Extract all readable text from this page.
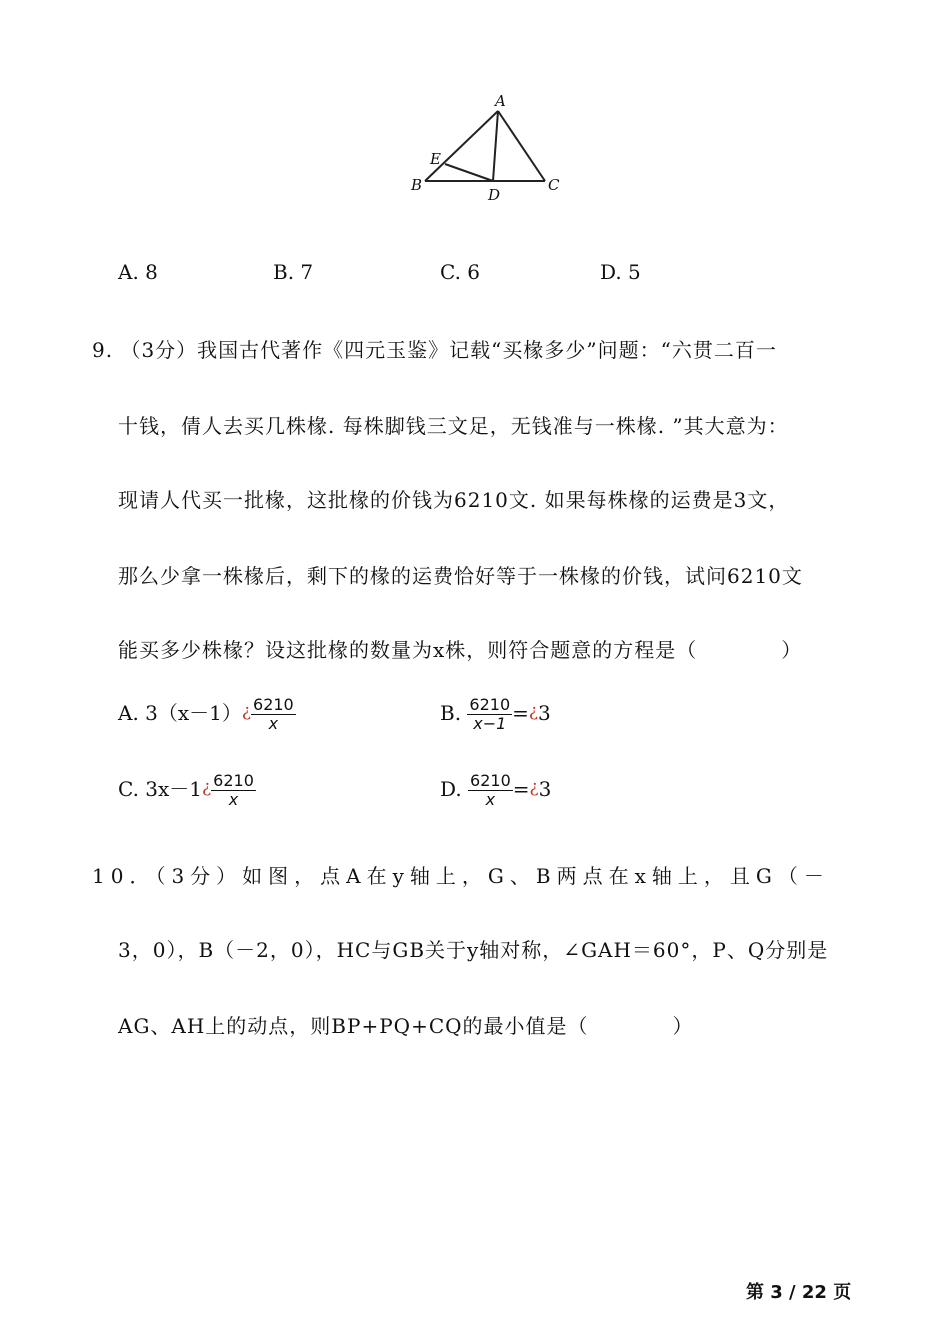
A
B	C
D
E
A. 8	B. 7	C. 6	D. 5
9. （3分）我国古代著作《四元玉鉴》记载“买椽多少”问题：“六贯二百一
十钱，倩人去买几株椽. 每株脚钱三文足，无钱准与一株椽. ”其大意为：
现请人代买一批椽，这批椽的价钱为6210文. 如果每株椽的运费是3文，
那么少拿一株椽后，剩下的椽的运费恰好等于一株椽的价钱，试问6210文
能买多少株椽？设这批椽的数量为x株，则符合题意的方程是（　　　　）
A. $3(x-1)^¿ \frac{6210}{x}$	B. $\frac{6210}{x-1} =^¿3$
C. $3x-1^¿ \frac{6210}{x}$	D. $\frac{6210}{x} =^¿3$
10．（3分）如图，点A在y轴上，G、B两点在x轴上，且G（－
3，0），B（－2，0），HC与GB关于y轴对称，∠GAH＝60°，P、Q分别是
AG、AH上的动点，则BP+PQ+CQ的最小值是（　　　　）
第 3 / 22 页
